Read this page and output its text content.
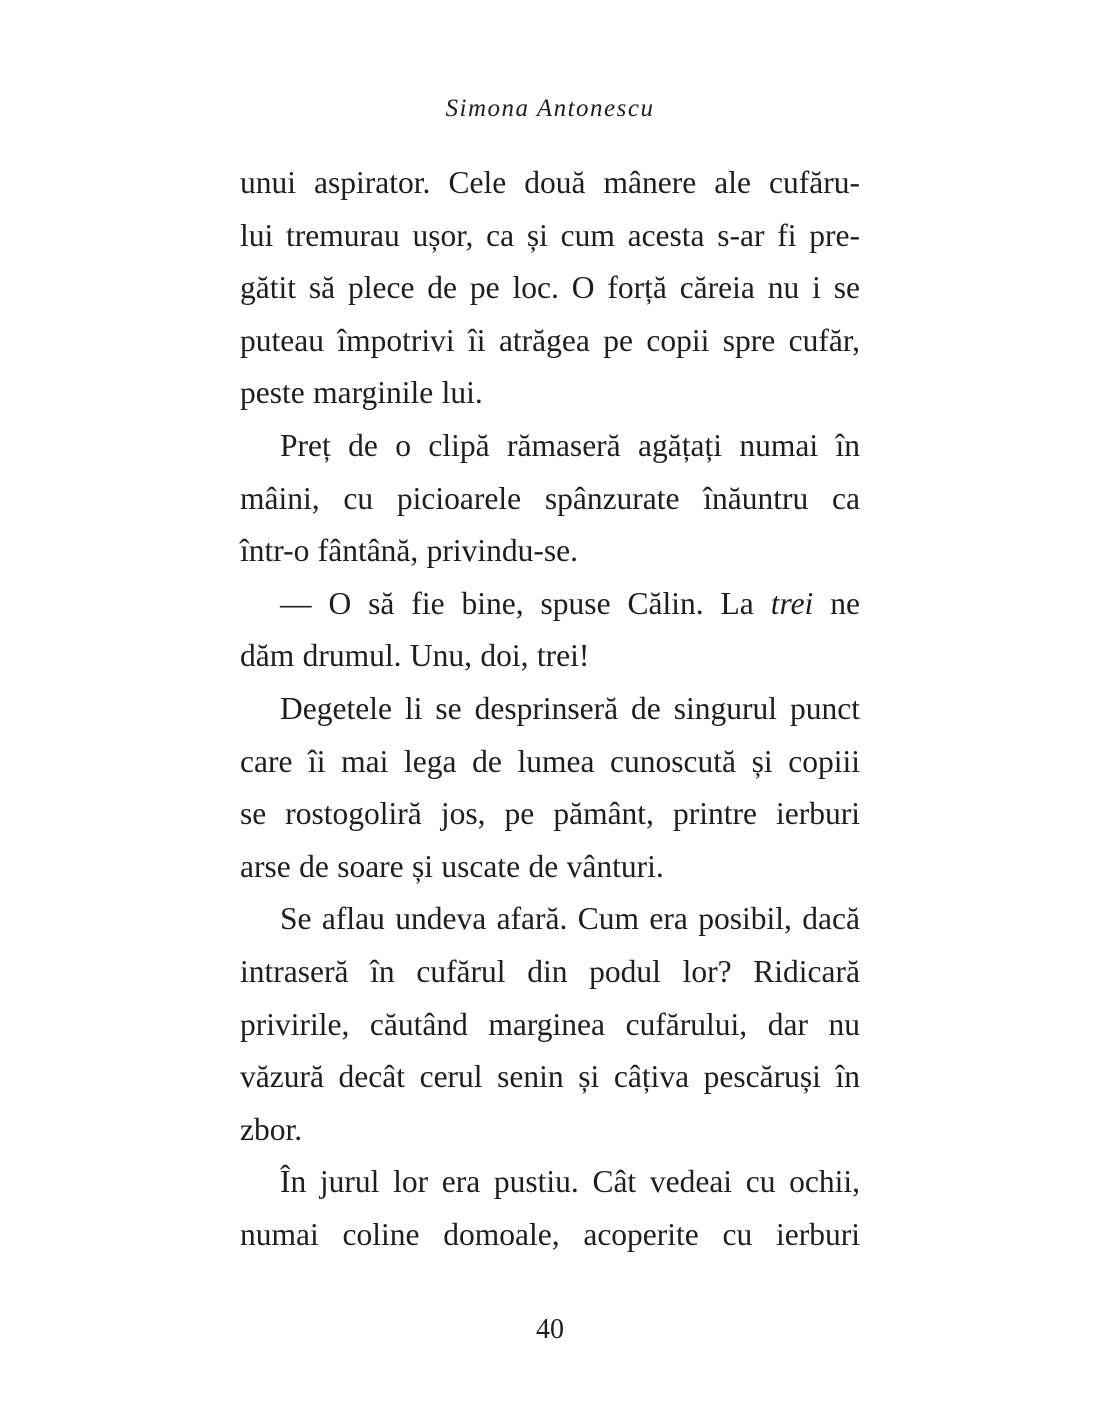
Simona Antonescu
unui aspirator. Cele două mânere ale cufăru-
lui tremurau ușor, ca și cum acesta s-ar fi pre-
gătit să plece de pe loc. O forță căreia nu i se
puteau împotrivi îi atrăgea pe copii spre cufăr,
peste marginile lui.
Preț de o clipă rămaseră agățați numai în
mâini, cu picioarele spânzurate înăuntru ca
într-o fântână, privindu-se.
— O să fie bine, spuse Călin. La trei ne
dăm drumul. Unu, doi, trei!
Degetele li se desprinseră de singurul punct
care îi mai lega de lumea cunoscută și copiii
se rostogoliră jos, pe pământ, printre ierburi
arse de soare și uscate de vânturi.
Se aflau undeva afară. Cum era posibil, dacă
intraseră în cufărul din podul lor? Ridicară
privirile, căutând marginea cufărului, dar nu
văzură decât cerul senin și câțiva pescăruși în
zbor.
În jurul lor era pustiu. Cât vedeai cu ochii,
numai coline domoale, acoperite cu ierburi
40
